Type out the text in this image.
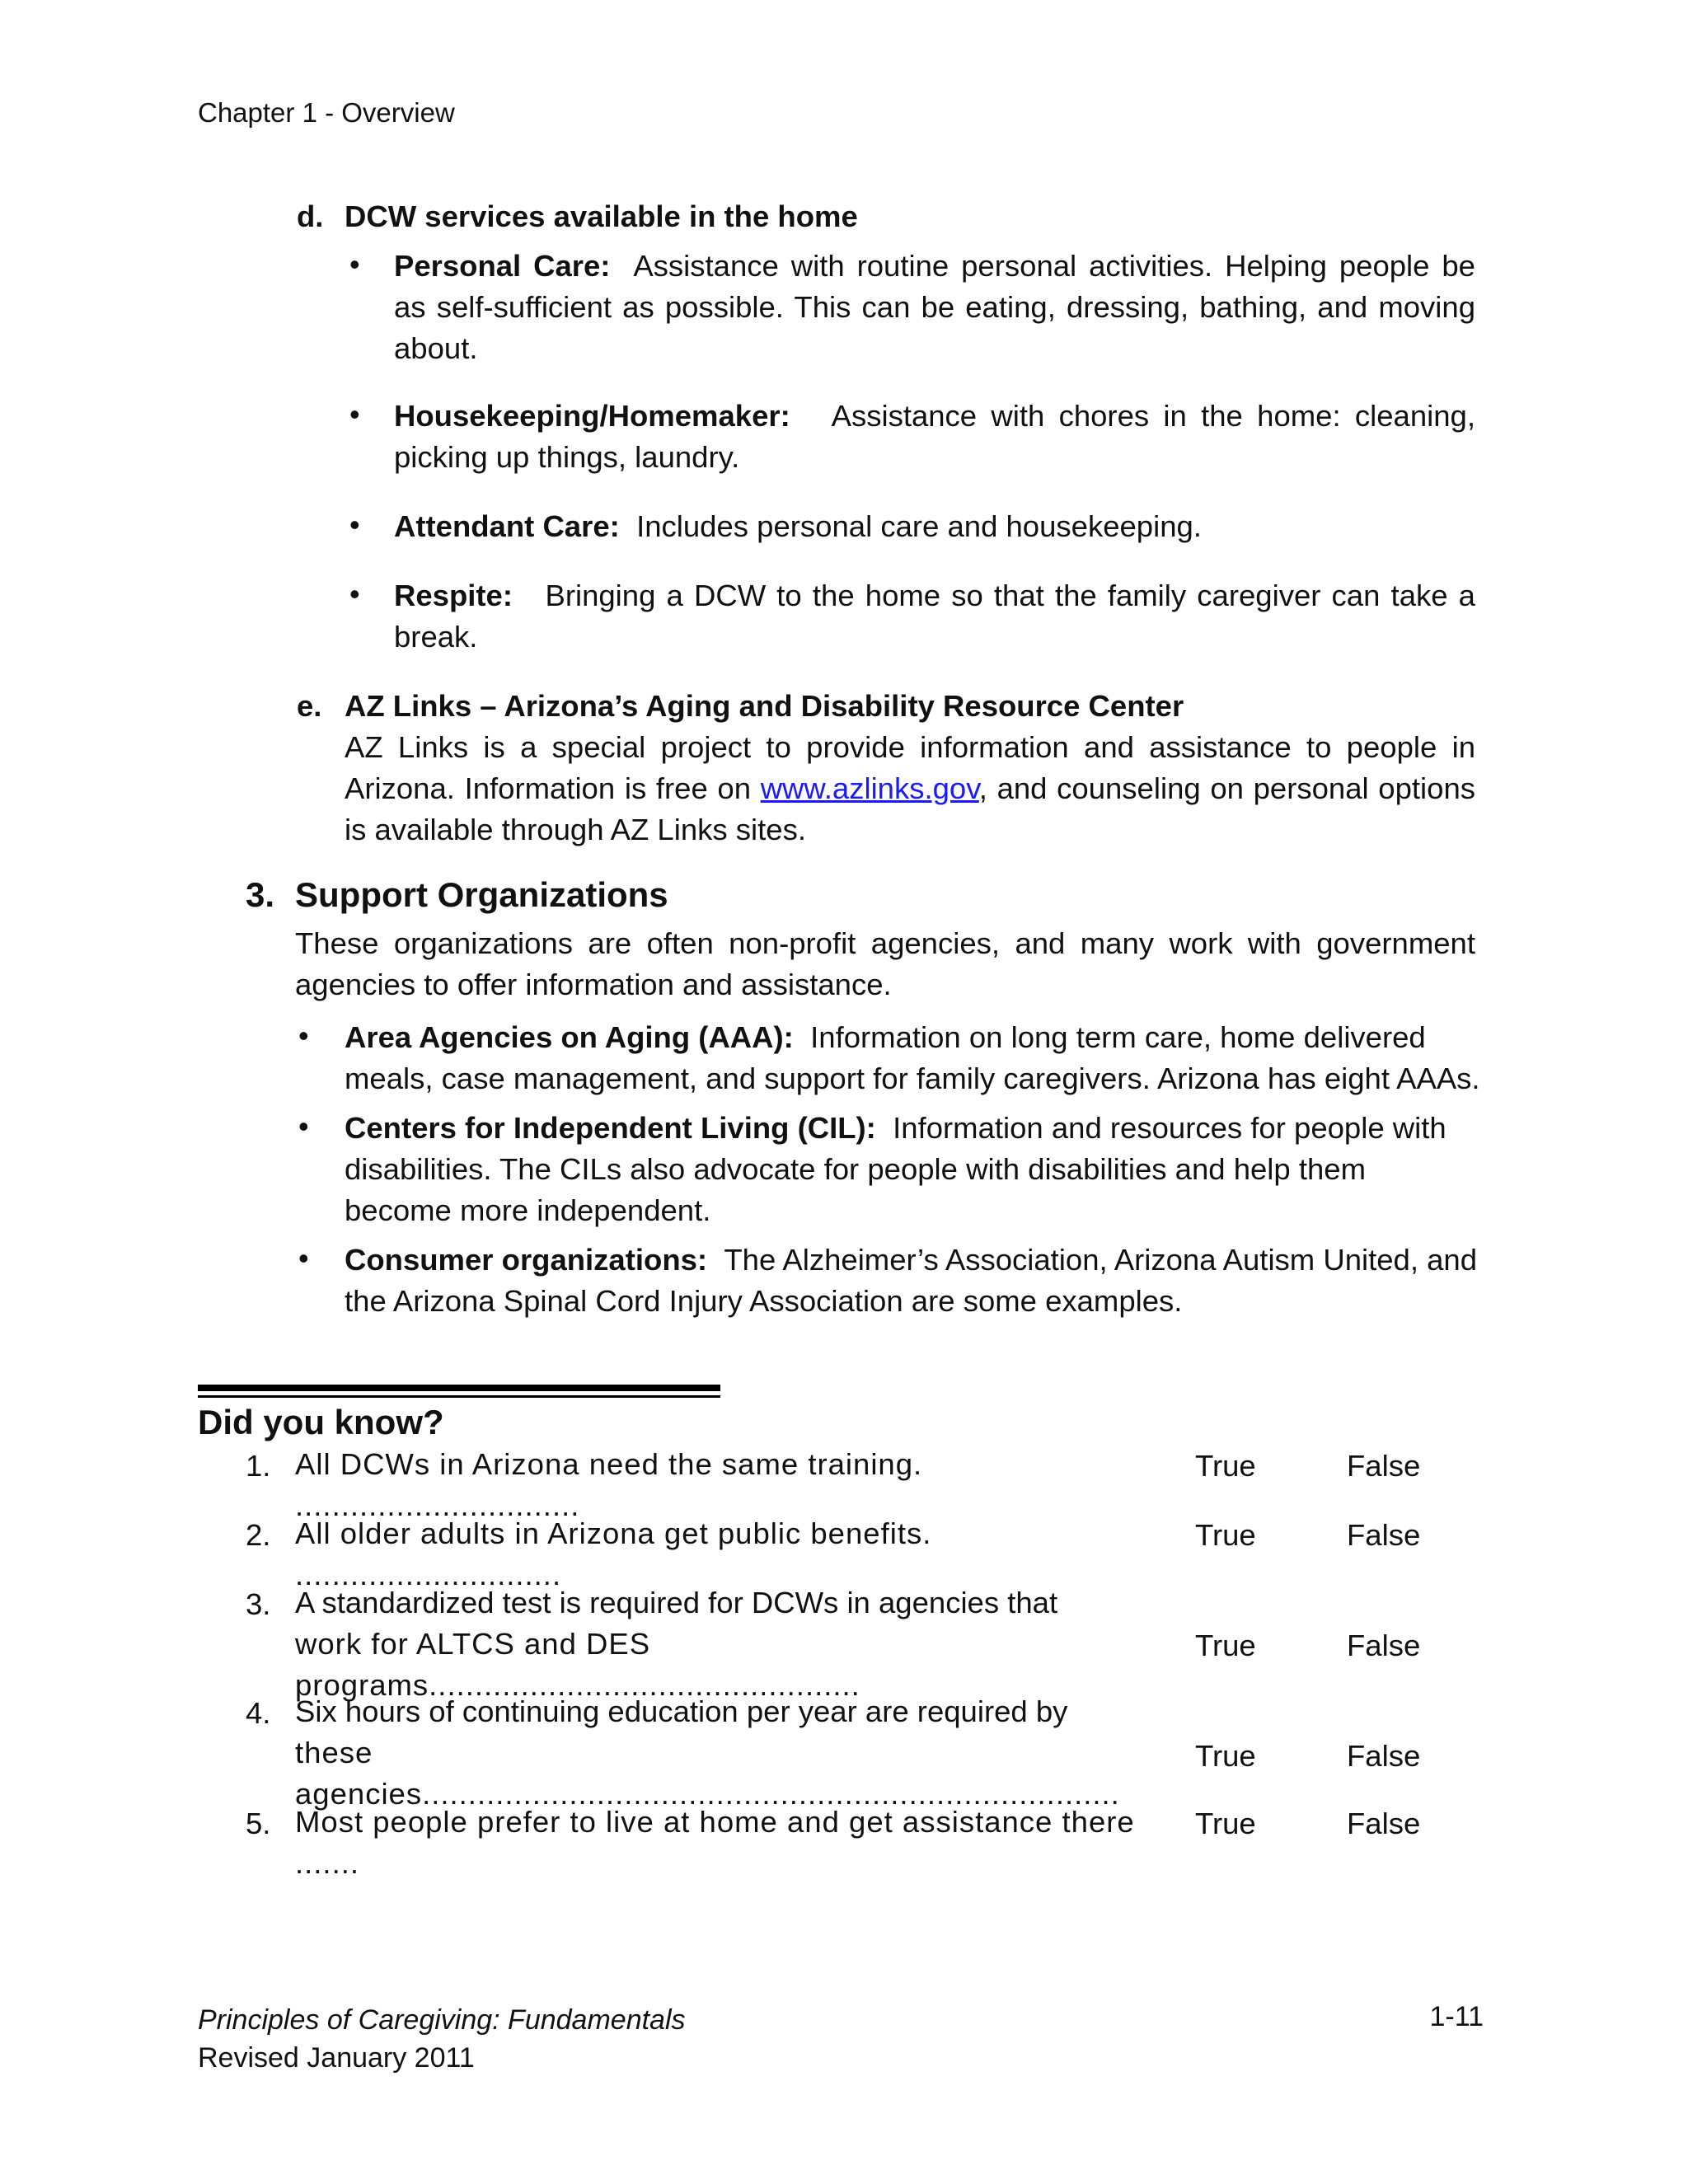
Chapter 1 - Overview
d. DCW services available in the home
• Personal Care: Assistance with routine personal activities. Helping people be as self-sufficient as possible. This can be eating, dressing, bathing, and moving about.
• Housekeeping/Homemaker: Assistance with chores in the home: cleaning, picking up things, laundry.
• Attendant Care: Includes personal care and housekeeping.
• Respite: Bringing a DCW to the home so that the family caregiver can take a break.
e. AZ Links – Arizona’s Aging and Disability Resource Center
AZ Links is a special project to provide information and assistance to people in Arizona. Information is free on www.azlinks.gov, and counseling on personal options is available through AZ Links sites.
3. Support Organizations
These organizations are often non-profit agencies, and many work with government agencies to offer information and assistance.
• Area Agencies on Aging (AAA): Information on long term care, home delivered
meals, case management, and support for family caregivers. Arizona has eight AAAs.
• Centers for Independent Living (CIL): Information and resources for people with
disabilities. The CILs also advocate for people with disabilities and help them
become more independent.
• Consumer organizations: The Alzheimer’s Association, Arizona Autism United, and
the Arizona Spinal Cord Injury Association are some examples.
Did you know?
1. All DCWs in Arizona need the same training. ...............................
True	False
2. All older adults in Arizona get public benefits. .............................
True	False
3. A standardized test is required for DCWs in agencies that
work for ALTCS and DES programs...............................................
True	False
4. Six hours of continuing education per year are required by
these agencies............................................................................
True	False
5. Most people prefer to live at home and get assistance there .......
True	False
Principles of Caregiving: Fundamentals
Revised January 2011
1-11
